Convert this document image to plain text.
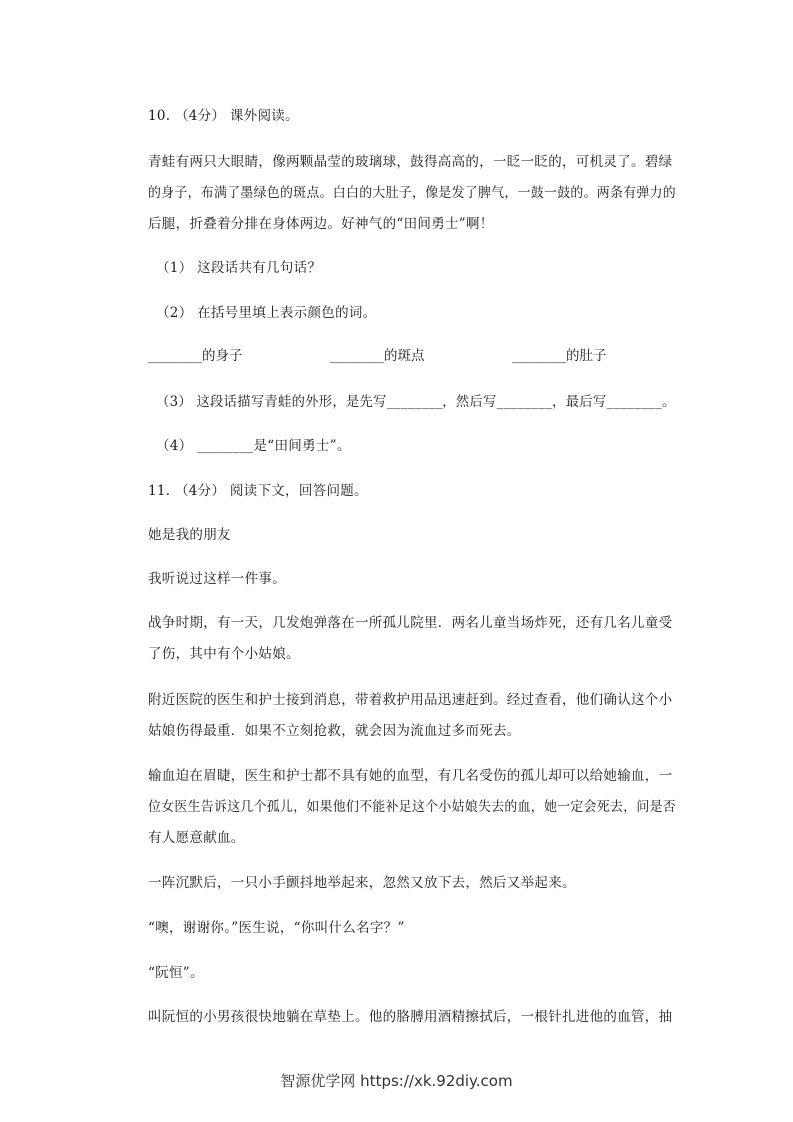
10. （4分） 课外阅读。
青蛙有两只大眼睛，像两颗晶莹的玻璃球，鼓得高高的，一眨一眨的，可机灵了。碧绿
的身子，布满了墨绿色的斑点。白白的大肚子，像是发了脾气，一鼓一鼓的。两条有弹力的
后腿，折叠着分排在身体两边。好神气的“田间勇士”啊！
（1） 这段话共有几句话？
（2） 在括号里填上表示颜色的词。
________的身子	________的斑点	________的肚子
（3） 这段话描写青蛙的外形，是先写________，然后写________，最后写________。
（4） ________是“田间勇士”。
11. （4分） 阅读下文，回答问题。
她是我的朋友
我听说过这样一件事。
战争时期，有一天，几发炮弹落在一所孤儿院里．两名儿童当场炸死，还有几名儿童受
了伤，其中有个小姑娘。
附近医院的医生和护士接到消息，带着救护用品迅速赶到。经过查看，他们确认这个小
姑娘伤得最重．如果不立刻抢救，就会因为流血过多而死去。
输血迫在眉睫，医生和护士都不具有她的血型，有几名受伤的孤儿却可以给她输血，一
位女医生告诉这几个孤儿，如果他们不能补足这个小姑娘失去的血，她一定会死去，问是否
有人愿意献血。
一阵沉默后，一只小手颤抖地举起来，忽然又放下去，然后又举起来。
“噢，谢谢你。”医生说，“你叫什么名字？”
“阮恒”。
叫阮恒的小男孩很快地躺在草垫上。他的胳膊用酒精擦拭后，一根针扎进他的血管，抽
智源优学网 https://xk.92diy.com
